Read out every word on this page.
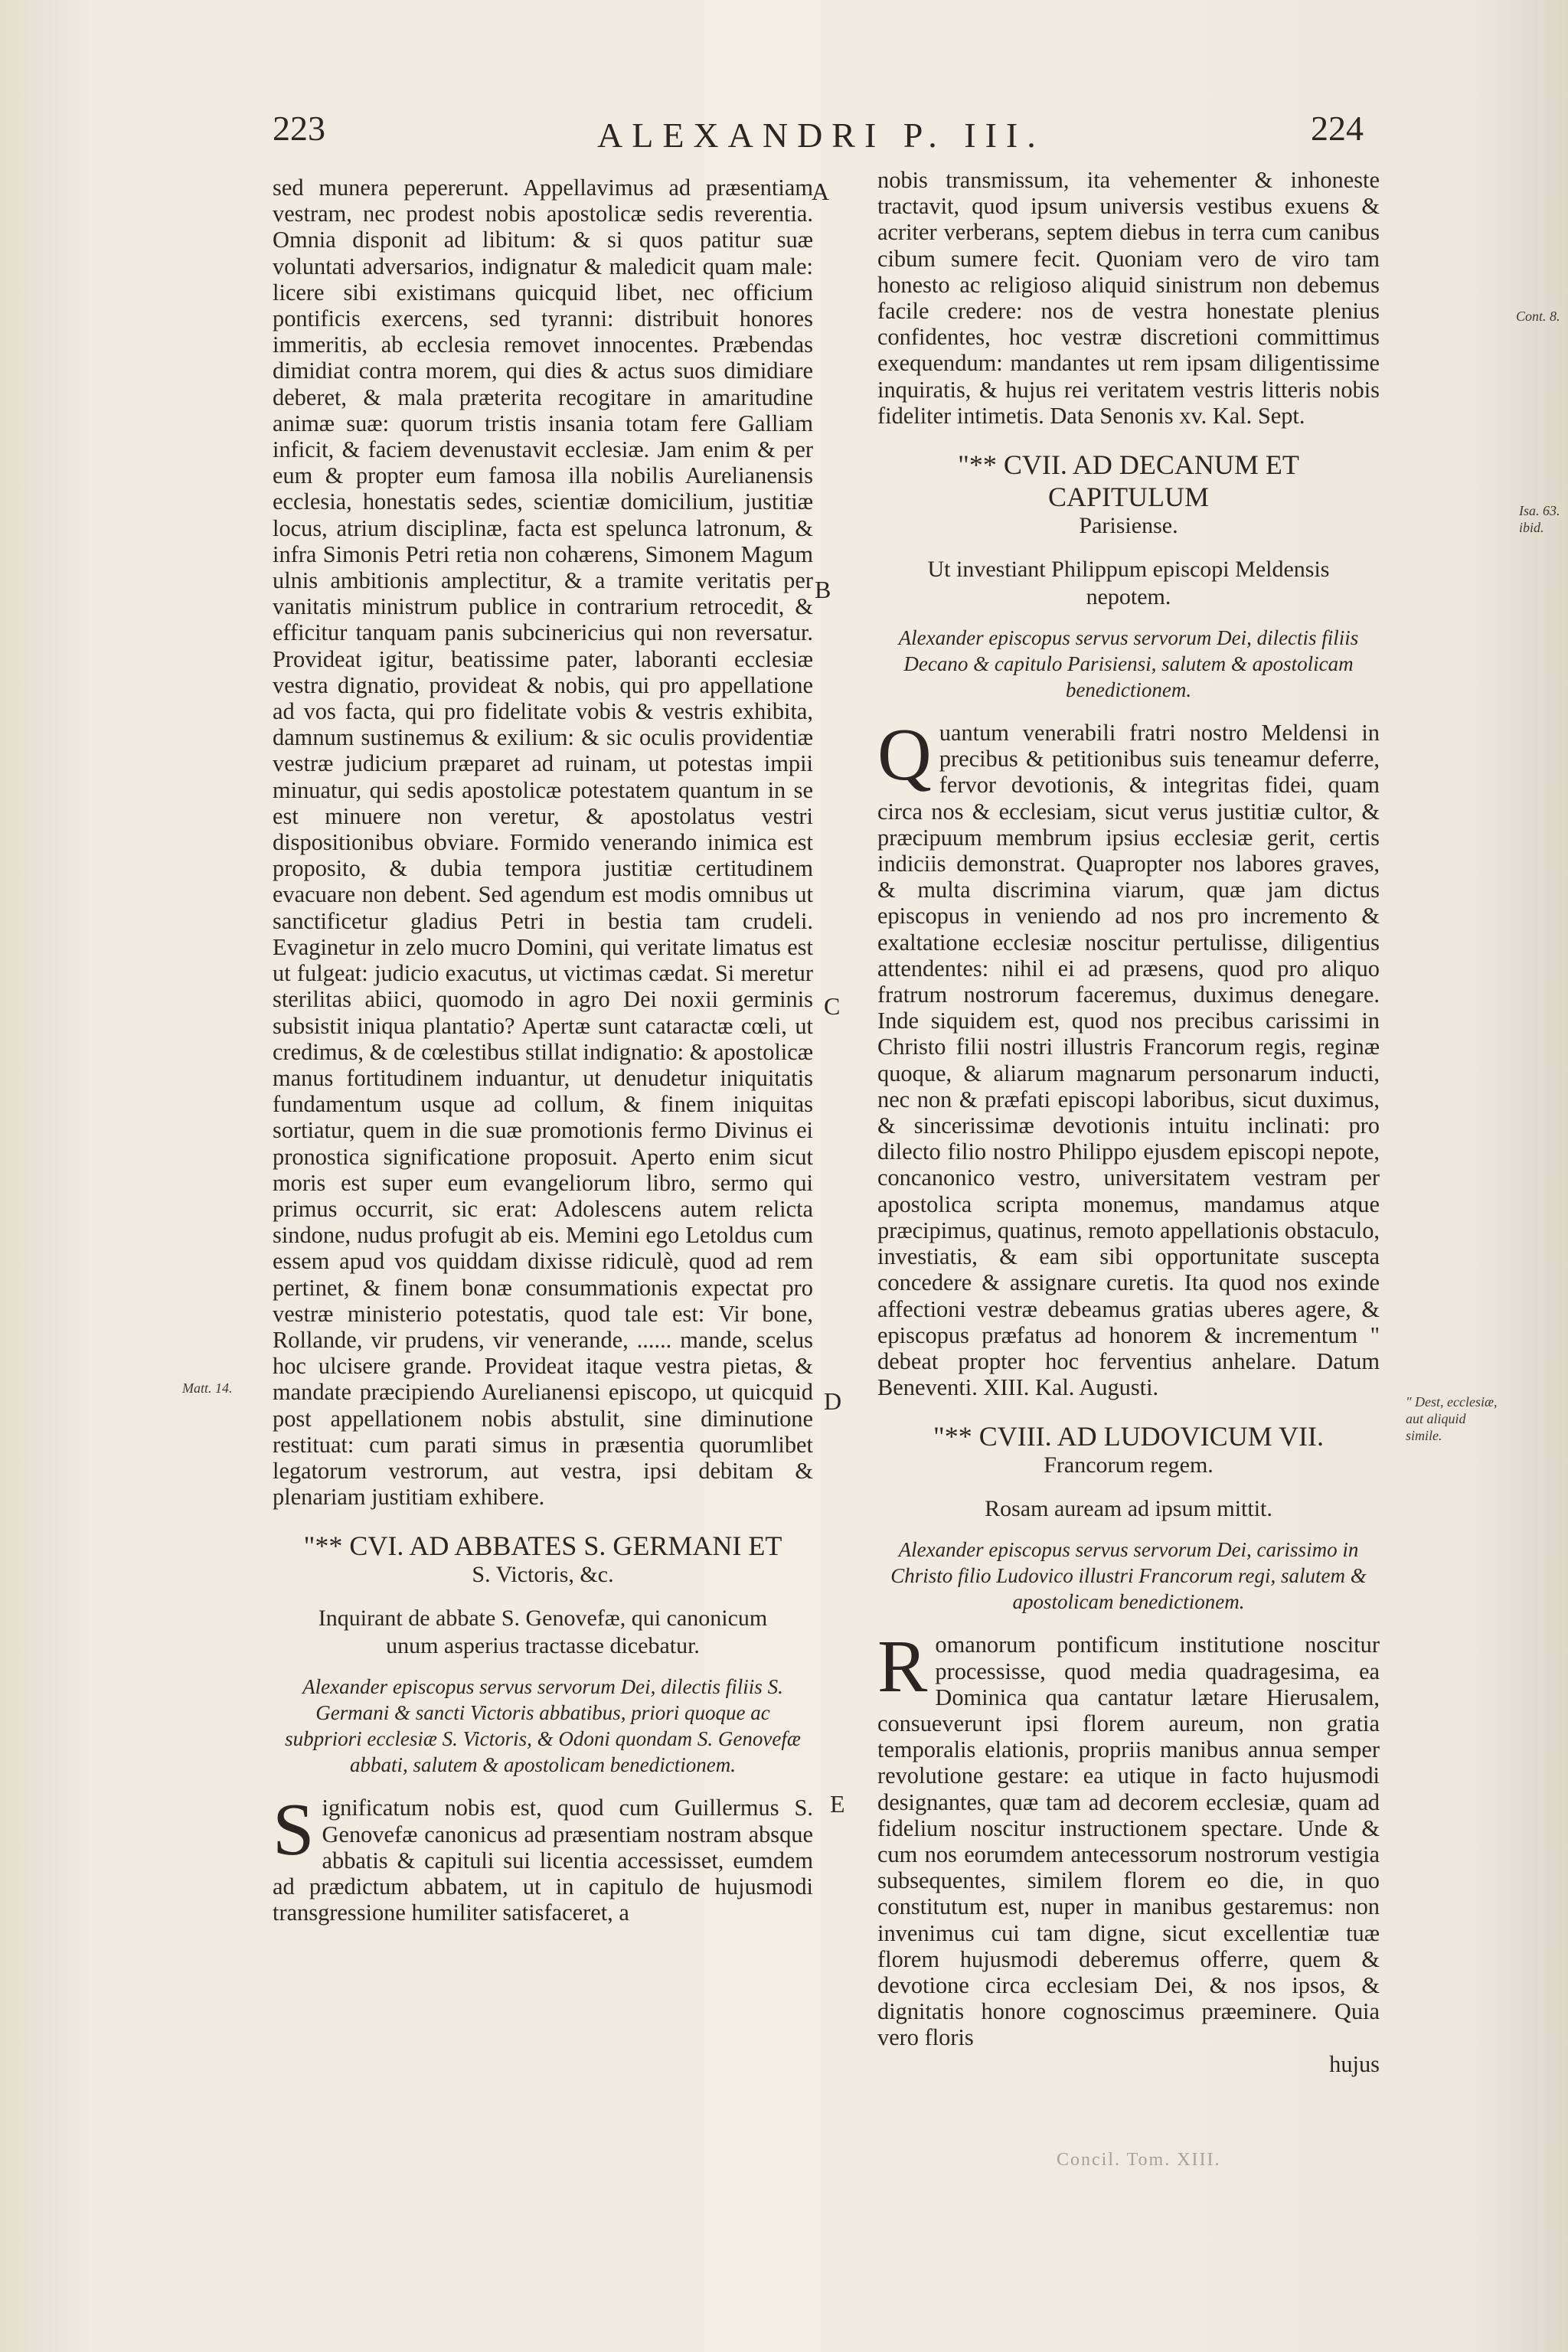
223	ALEXANDRI P. III.	224

sed munera pepererunt. Appellavimus ad præsentiam vestram, nec prodest nobis apostolicæ sedis reverentia. Omnia disponit ad libitum: & si quos patitur suæ voluntati adversarios, indignatur & maledicit quam male: licere sibi existimans quicquid libet, nec officium pontificis exercens, sed tyranni: distribuit honores immeritis, ab ecclesia removet innocentes. Præbendas dimidiat contra morem, qui dies & actus suos dimidiare deberet, & mala præterita recogitare in amaritudine animæ suæ: quorum tristis insania totam fere Galliam inficit, & faciem devenustavit ecclesiæ. Jam enim & per eum & propter eum famosa illa nobilis Aurelianensis ecclesia, honestatis sedes, scientiæ domicilium, justitiæ locus, atrium disciplinæ, facta est spelunca latronum, & infra Simonis Petri retia non cohærens, Simonem Magum ulnis ambitionis amplectitur, & a tramite veritatis per vanitatis ministrum publice in contrarium retrocedit, & efficitur tanquam panis subcinericius qui non reversatur. Provideat igitur, beatissime pater, laboranti ecclesiæ vestra dignatio, provideat & nobis, qui pro appellatione ad vos facta, qui pro fidelitate vobis & vestris exhibita, damnum sustinemus & exilium: & sic oculis providentiæ vestræ judicium præparet ad ruinam, ut potestas impii minuatur, qui sedis apostolicæ potestatem quantum in se est minuere non veretur, & apostolatus vestri dispositionibus obviare. Formido venerando inimica est proposito, & dubia tempora justitiæ certitudinem evacuare non debent. Sed agendum est modis omnibus ut sanctificetur gladius Petri in bestia tam crudeli. Evaginetur in zelo mucro Domini, qui veritate limatus est ut fulgeat: judicio exacutus, ut victimas cædat. Si meretur sterilitas abiici, quomodo in agro Dei noxii germinis subsistit iniqua plantatio? Apertæ sunt cataractæ cœli, ut credimus, & de cœlestibus stillat indignatio: & apostolicæ manus fortitudinem induantur, ut denudetur iniquitatis fundamentum usque ad collum, & finem iniquitas sortiatur, quem in die suæ promotionis fermo Divinus ei pronostica significatione proposuit. Aperto enim sicut moris est super eum evangeliorum libro, sermo qui primus occurrit, sic erat: Adolescens autem relicta sindone, nudus profugit ab eis. Memini ego Letoldus cum essem apud vos quiddam dixisse ridiculè, quod ad rem pertinet, & finem bonæ consummationis expectat pro vestræ ministerio potestatis, quod tale est: Vir bone, Rollande, vir prudens, vir venerande, ...... mande, scelus hoc ulcisere grande. Provideat itaque vestra pietas, & mandate præcipiendo Aurelianensi episcopo, ut quicquid post appellationem nobis abstulit, sine diminutione restituat: cum parati simus in præsentia quorumlibet legatorum vestrorum, aut vestra, ipsi debitam & plenariam justitiam exhibere.

"** CVI. AD ABBATES S. GERMANI ET
S. Victoris, &c.
Inquirant de abbate S. Genovefæ, qui canonicum unum asperius tractasse dicebatur.
Alexander episcopus servus servorum Dei, dilectis filiis S. Germani & sancti Victoris abbatibus, priori quoque ac subpriori ecclesiæ S. Victoris, & Odoni quondam S. Genovefæ abbati, salutem & apostolicam benedictionem.

Significatum nobis est, quod cum Guillermus S. Genovefæ canonicus ad præsentiam nostram absque abbatis & capituli sui licentia accessisset, eumdem ad prædictum abbatem, ut in capitulo de hujusmodi transgressione humiliter satisfaceret, a

A
B
C
D
E

nobis transmissum, ita vehementer & inhoneste tractavit, quod ipsum universis vestibus exuens & acriter verberans, septem diebus in terra cum canibus cibum sumere fecit. Quoniam vero de viro tam honesto ac religioso aliquid sinistrum non debemus facile credere: nos de vestra honestate plenius confidentes, hoc vestræ discretioni committimus exequendum: mandantes ut rem ipsam diligentissime inquiratis, & hujus rei veritatem vestris litteris nobis fideliter intimetis. Data Senonis xv. Kal. Sept.

"** CVII. AD DECANUM ET CAPITULUM
Parisiense.
Ut investiant Philippum episcopi Meldensis nepotem.
Alexander episcopus servus servorum Dei, dilectis filiis Decano & capitulo Parisiensi, salutem & apostolicam benedictionem.

Quantum venerabili fratri nostro Meldensi in precibus & petitionibus suis teneamur deferre, fervor devotionis, & integritas fidei, quam circa nos & ecclesiam, sicut verus justitiæ cultor, & præcipuum membrum ipsius ecclesiæ gerit, certis indiciis demonstrat. Quapropter nos labores graves, & multa discrimina viarum, quæ jam dictus episcopus in veniendo ad nos pro incremento & exaltatione ecclesiæ noscitur pertulisse, diligentius attendentes: nihil ei ad præsens, quod pro aliquo fratrum nostrorum faceremus, duximus denegare. Inde siquidem est, quod nos precibus carissimi in Christo filii nostri illustris Francorum regis, reginæ quoque, & aliarum magnarum personarum inducti, nec non & præfati episcopi laboribus, sicut duximus, & sincerissimæ devotionis intuitu inclinati: pro dilecto filio nostro Philippo ejusdem episcopi nepote, concanonico vestro, universitatem vestram per apostolica scripta monemus, mandamus atque præcipimus, quatinus, remoto appellationis obstaculo, investiatis, & eam sibi opportunitate suscepta concedere & assignare curetis. Ita quod nos exinde affectioni vestræ debeamus gratias uberes agere, & episcopus præfatus ad honorem & incrementum " debeat propter hoc ferventius anhelare. Datum Beneventi. XIII. Kal. Augusti.

"** CVIII. AD LUDOVICUM VII.
Francorum regem.
Rosam auream ad ipsum mittit.
Alexander episcopus servus servorum Dei, carissimo in Christo filio Ludovico illustri Francorum regi, salutem & apostolicam benedictionem.

Romanorum pontificum institutione noscitur processisse, quod media quadragesima, ea Dominica qua cantatur lætare Hierusalem, consueverunt ipsi florem aureum, non gratia temporalis elationis, propriis manibus annua semper revolutione gestare: ea utique in facto hujusmodi designantes, quæ tam ad decorem ecclesiæ, quam ad fidelium noscitur instructionem spectare. Unde & cum nos eorumdem antecessorum nostrorum vestigia subsequentes, similem florem eo die, in quo constitutum est, nuper in manibus gestaremus: non invenimus cui tam digne, sicut excellentiæ tuæ florem hujusmodi deberemus offerre, quem & devotione circa ecclesiam Dei, & nos ipsos, & dignitatis honore cognoscimus præeminere. Quia vero floris

hujus
Matt. 14.
Cont. 8.
Isa. 63. ibid.
" Dest, ecclesiæ, aut aliquid simile.
Concil. Tom. XIII.
